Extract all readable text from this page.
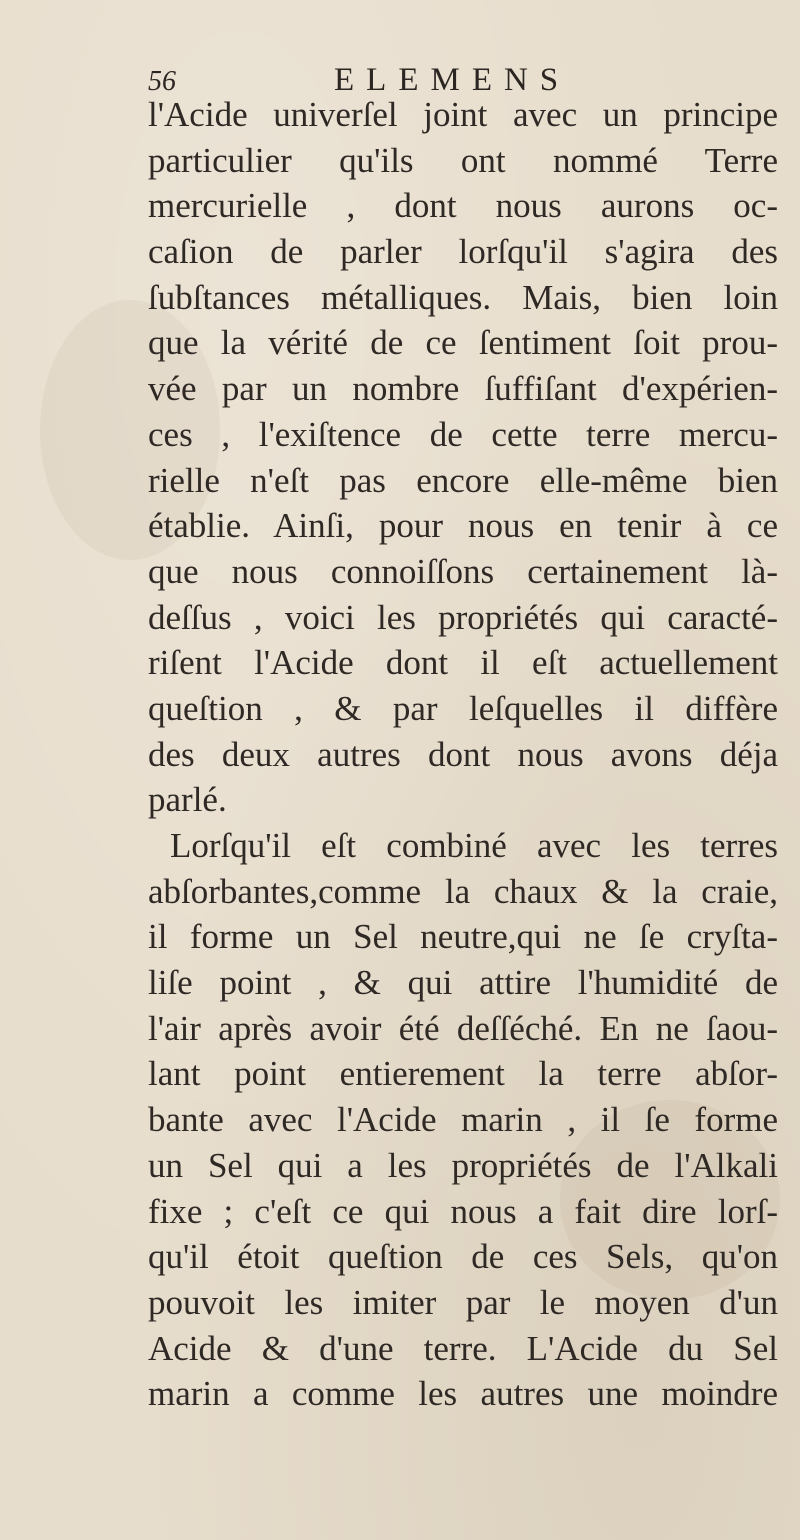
56	ELEMENS
l'Acide univerſel joint avec un principe
particulier qu'ils ont nommé Terre
mercurielle , dont nous aurons oc-
caſion de parler lorſqu'il s'agira des
ſubſtances métalliques. Mais, bien loin
que la vérité de ce ſentiment ſoit prou-
vée par un nombre ſuffiſant d'expérien-
ces , l'exiſtence de cette terre mercu-
rielle n'eſt pas encore elle-même bien
établie. Ainſi, pour nous en tenir à ce
que nous connoiſſons certainement là-
deſſus , voici les propriétés qui caracté-
riſent l'Acide dont il eſt actuellement
queſtion , & par leſquelles il diffère
des deux autres dont nous avons déja
parlé.
Lorſqu'il eſt combiné avec les terres
abſorbantes,comme la chaux & la craie,
il forme un Sel neutre,qui ne ſe cryſta-
liſe point , & qui attire l'humidité de
l'air après avoir été deſſéché. En ne ſaou-
lant point entierement la terre abſor-
bante avec l'Acide marin , il ſe forme
un Sel qui a les propriétés de l'Alkali
fixe ; c'eſt ce qui nous a fait dire lorſ-
qu'il étoit queſtion de ces Sels, qu'on
pouvoit les imiter par le moyen d'un
Acide & d'une terre. L'Acide du Sel
marin a comme les autres une moindre
